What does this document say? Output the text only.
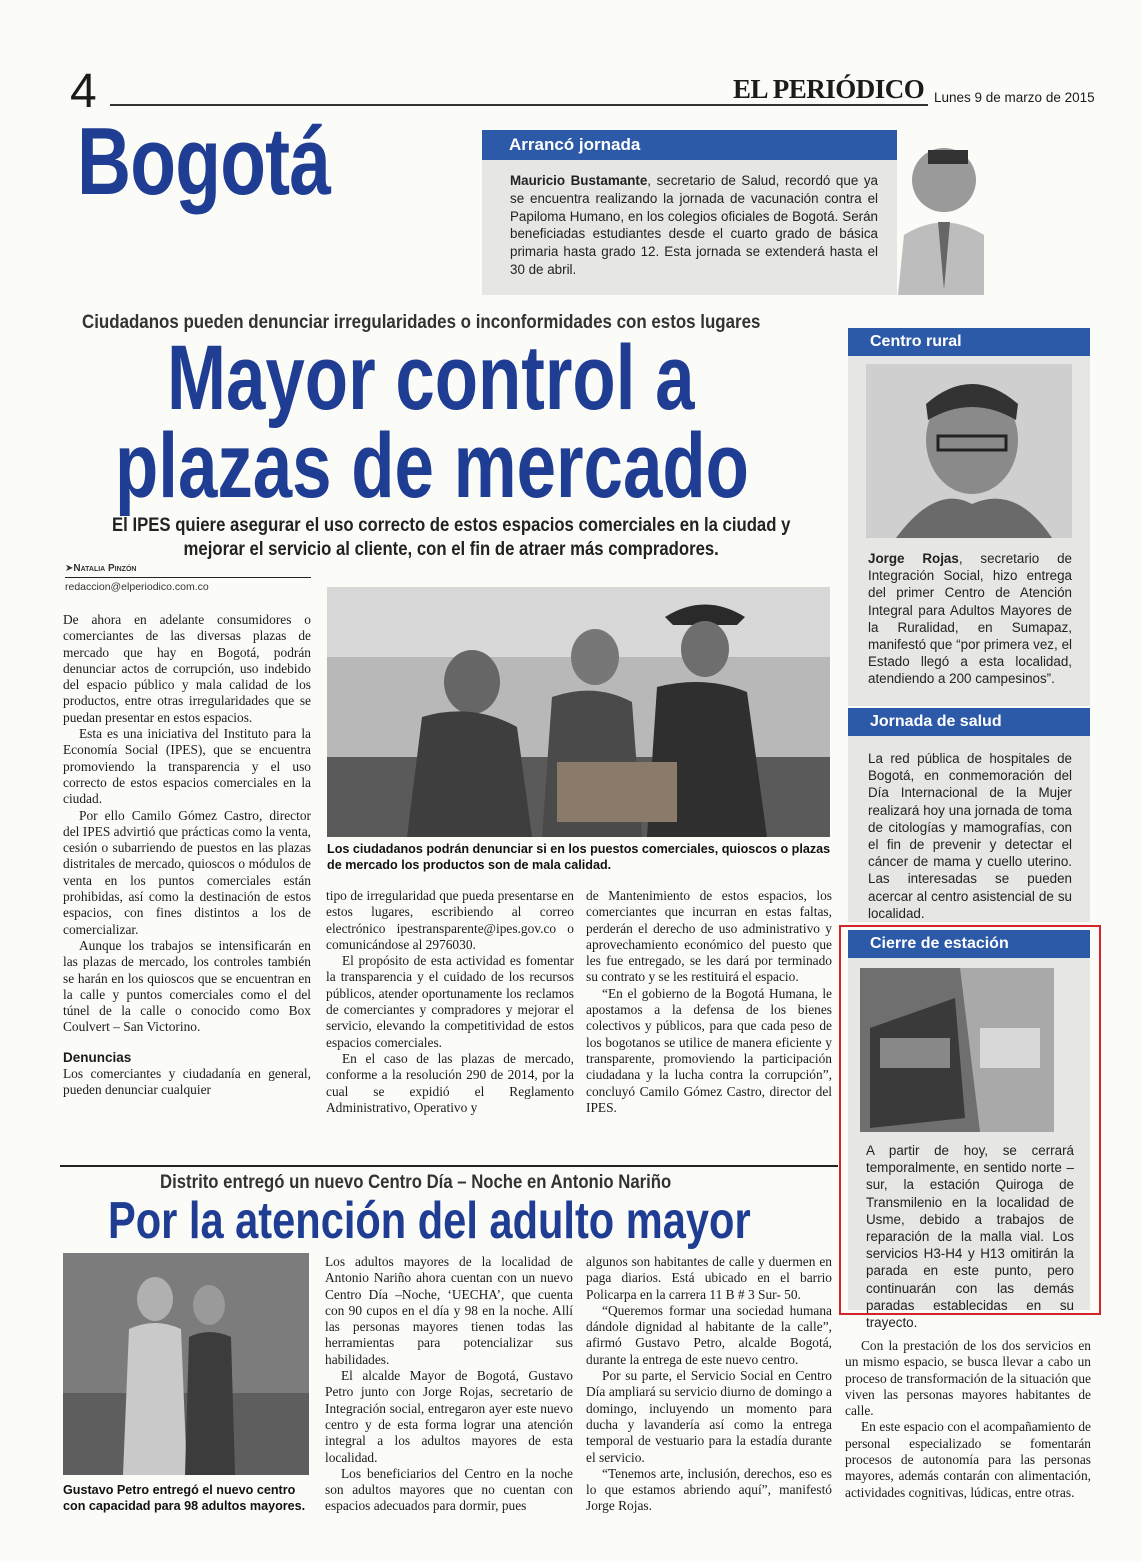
4	EL PERIÓDICO Lunes 9 de marzo de 2015
Bogotá	Arrancó jornada
Mauricio Bustamante, secretario de Salud, recordó que ya se encuentra realizando la jornada de vacunación contra el Papiloma Humano, en los colegios oficiales de Bogotá. Serán beneficiadas estudiantes desde el cuarto grado de básica primaria hasta grado 12. Esta jornada se extenderá hasta el 30 de abril.
Ciudadanos pueden denunciar irregularidades o inconformidades con estos lugares
Mayor control a
plazas de mercado
El IPES quiere asegurar el uso correcto de estos espacios comerciales en la ciudad y mejorar el servicio al cliente, con el fin de atraer más compradores.
➤Natalia Pinzón
redaccion@elperiodico.com.co

De ahora en adelante consumidores o comerciantes de las diversas plazas de mercado que hay en Bogotá, podrán denunciar actos de corrupción, uso indebido del espacio público y mala calidad de los productos, entre otras irregularidades que se puedan presentar en estos espacios.

Esta es una iniciativa del Instituto para la Economía Social (IPES), que se encuentra promoviendo la transparencia y el uso correcto de estos espacios comerciales en la ciudad.

Por ello Camilo Gómez Castro, director del IPES advirtió que prácticas como la venta, cesión o subarriendo de puestos en las plazas distritales de mercado, quioscos o módulos de venta en los puntos comerciales están prohibidas, así como la destinación de estos espacios, con fines distintos a los de comercializar.

Aunque los trabajos se intensificarán en las plazas de mercado, los controles también se harán en los quioscos que se encuentran en la calle y puntos comerciales como el del túnel de la calle o conocido como Box Coulvert – San Victorino.

Denuncias

Los comerciantes y ciudadanía en general, pueden denunciar cualquier

Los ciudadanos podrán denunciar si en los puestos comerciales, quioscos o plazas de mercado los productos son de mala calidad.

tipo de irregularidad que pueda presentarse en estos lugares, escribiendo al correo electrónico ipestransparente@ipes.gov.co o comunicándose al 2976030.

El propósito de esta actividad es fomentar la transparencia y el cuidado de los recursos públicos, atender oportunamente los reclamos de comerciantes y compradores y mejorar el servicio, elevando la competitividad de estos espacios comerciales.

En el caso de las plazas de mercado, conforme a la resolución 290 de 2014, por la cual se expidió el Reglamento Administrativo, Operativo y

de Mantenimiento de estos espacios, los comerciantes que incurran en estas faltas, perderán el derecho de uso administrativo y aprovechamiento económico del puesto que les fue entregado, se les dará por terminado su contrato y se les restituirá el espacio.

“En el gobierno de la Bogotá Humana, le apostamos a la defensa de los bienes colectivos y públicos, para que cada peso de los bogotanos se utilice de manera eficiente y transparente, promoviendo la participación ciudadana y la lucha contra la corrupción”, concluyó Camilo Gómez Castro, director del IPES.

Centro rural
Jorge Rojas, secretario de Integración Social, hizo entrega del primer Centro de Atención Integral para Adultos Mayores de la Ruralidad, en Sumapaz, manifestó que “por primera vez, el Estado llegó a esta localidad, atendiendo a 200 campesinos”.
Jornada de salud
La red pública de hospitales de Bogotá, en conmemoración del Día Internacional de la Mujer realizará hoy una jornada de toma de citologías y mamografías, con el fin de prevenir y detectar el cáncer de mama y cuello uterino. Las interesadas se pueden acercar al centro asistencial de su localidad.
Cierre de estación
A partir de hoy, se cerrará temporalmente, en sentido norte – sur, la estación Quiroga de Transmilenio en la localidad de Usme, debido a trabajos de reparación de la malla vial. Los servicios H3-H4 y H13 omitirán la parada en este punto, pero continuarán con las demás paradas establecidas en su trayecto.
Distrito entregó un nuevo Centro Día – Noche en Antonio Nariño
Por la atención del adulto mayor
Gustavo Petro entregó el nuevo centro con capacidad para 98 adultos mayores.

Los adultos mayores de la localidad de Antonio Nariño ahora cuentan con un nuevo Centro Día –Noche, ‘UECHA’, que cuenta con 90 cupos en el día y 98 en la noche. Allí las personas mayores tienen todas las herramientas para potencializar sus habilidades.

El alcalde Mayor de Bogotá, Gustavo Petro junto con Jorge Rojas, secretario de Integración social, entregaron ayer este nuevo centro y de esta forma lograr una atención integral a los adultos mayores de esta localidad.

Los beneficiarios del Centro en la noche son adultos mayores que no cuentan con espacios adecuados para dormir, pues

algunos son habitantes de calle y duermen en paga diarios. Está ubicado en el barrio Policarpa en la carrera 11 B # 3 Sur- 50.

“Queremos formar una sociedad humana dándole dignidad al habitante de la calle”, afirmó Gustavo Petro, alcalde Bogotá, durante la entrega de este nuevo centro.

Por su parte, el Servicio Social en Centro Día ampliará su servicio diurno de domingo a domingo, incluyendo un momento para ducha y lavandería así como la entrega temporal de vestuario para la estadía durante el servicio.

“Tenemos arte, inclusión, derechos, eso es lo que estamos abriendo aquí”, manifestó Jorge Rojas.

Con la prestación de los dos servicios en un mismo espacio, se busca llevar a cabo un proceso de transformación de la situación que viven las personas mayores habitantes de calle.

En este espacio con el acompañamiento de personal especializado se fomentarán procesos de autonomía para las personas mayores, además contarán con alimentación, actividades cognitivas, lúdicas, entre otras.
